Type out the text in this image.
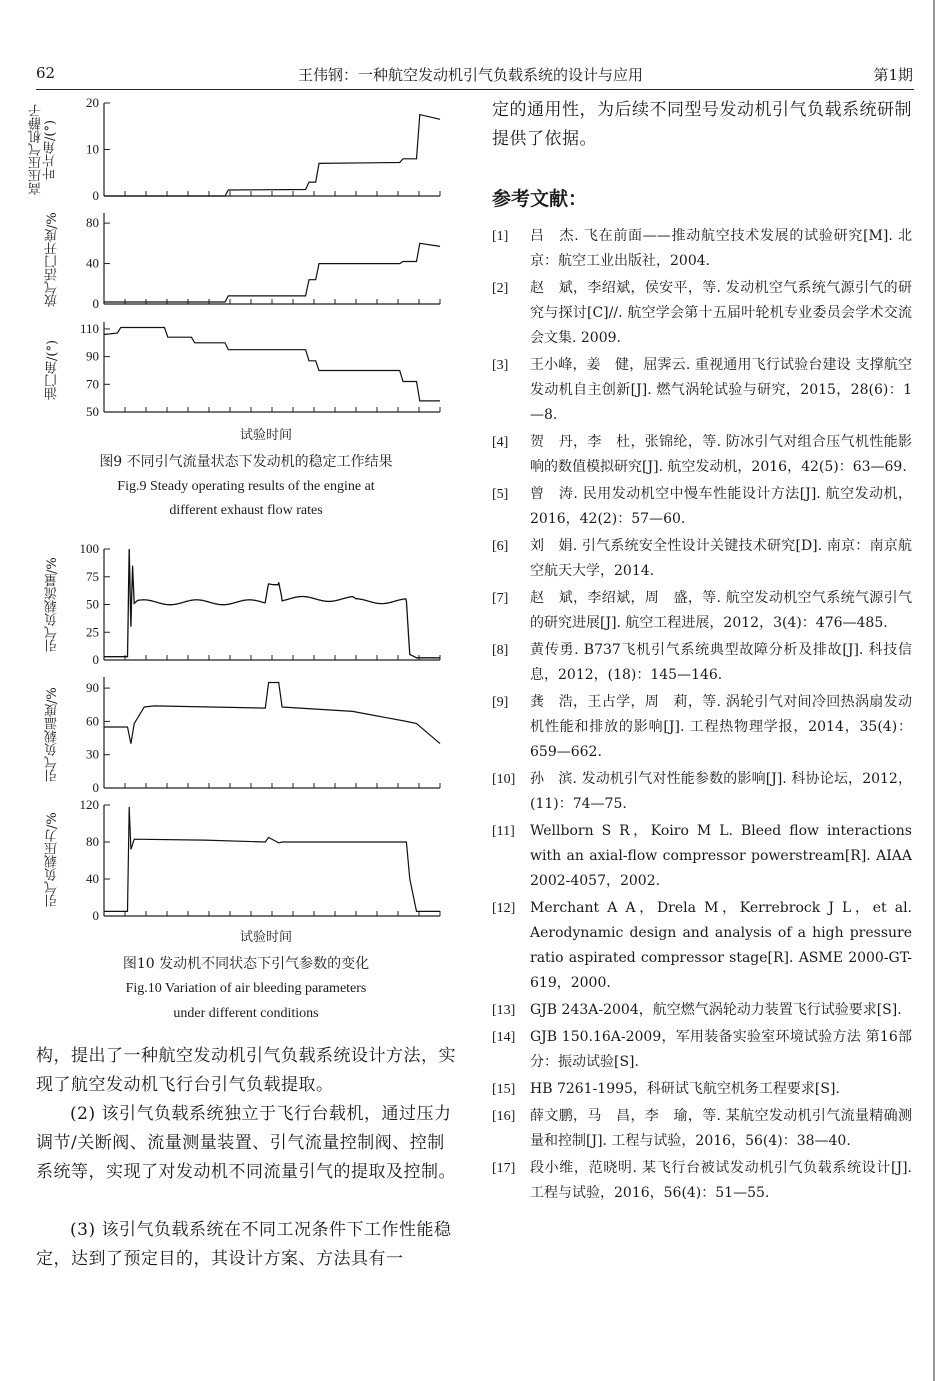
62	王伟钢：一种航空发动机引气负载系统的设计与应用	第1期
高压压气机静子叶片角/(°)
放气活门开度/%
油门角/(°)
20
10
0
80
40
0
110
90
70
50
试验时间
图9 不同引气流量状态下发动机的稳定工作结果
Fig.9 Steady operating results of the engine at
different exhaust flow rates
引气负载流量/%
引气负载温度/%
引气负载压力/%
100
75
50
25
0
90
60
30
0
120
80
40
0
试验时间
图10 发动机不同状态下引气参数的变化
Fig.10 Variation of air bleeding parameters
under different conditions
构，提出了一种航空发动机引气负载系统设计方法，实现了航空发动机飞行台引气负载提取。
(2) 该引气负载系统独立于飞行台载机，通过压力调节/关断阀、流量测量装置、引气流量控制阀、控制系统等，实现了对发动机不同流量引气的提取及控制。
(3) 该引气负载系统在不同工况条件下工作性能稳定，达到了预定目的，其设计方案、方法具有一
定的通用性，为后续不同型号发动机引气负载系统研制提供了依据。
参考文献：
[1] 吕　杰. 飞在前面——推动航空技术发展的试验研究[M]. 北京：航空工业出版社，2004.
[2] 赵　斌，李绍斌，侯安平，等. 发动机空气系统气源引气的研究与探讨[C]//. 航空学会第十五届叶轮机专业委员会学术交流会文集. 2009.
[3] 王小峰，姜　健，屈霁云. 重视通用飞行试验台建设 支撑航空发动机自主创新[J]. 燃气涡轮试验与研究，2015，28(6)：1—8.
[4] 贺　丹，李　杜，张锦纶，等. 防冰引气对组合压气机性能影响的数值模拟研究[J]. 航空发动机，2016，42(5)：63—69.
[5] 曾　涛. 民用发动机空中慢车性能设计方法[J]. 航空发动机，2016，42(2)：57—60.
[6] 刘　娟. 引气系统安全性设计关键技术研究[D]. 南京：南京航空航天大学，2014.
[7] 赵　斌，李绍斌，周　盛，等. 航空发动机空气系统气源引气的研究进展[J]. 航空工程进展，2012，3(4)：476—485.
[8] 黄传勇. B737飞机引气系统典型故障分析及排故[J]. 科技信息，2012，(18)：145—146.
[9] 龚　浩，王占学，周　莉，等. 涡轮引气对间冷回热涡扇发动机性能和排放的影响[J]. 工程热物理学报，2014，35(4)：659—662.
[10] 孙　滨. 发动机引气对性能参数的影响[J]. 科协论坛，2012，(11)：74—75.
[11] Wellborn S R，Koiro M L. Bleed flow interactions with an axial-flow compressor powerstream[R]. AIAA 2002-4057，2002.
[12] Merchant A A，Drela M，Kerrebrock J L，et al. Aerodynamic design and analysis of a high pressure ratio aspirated compressor stage[R]. ASME 2000-GT-619，2000.
[13] GJB 243A-2004，航空燃气涡轮动力装置飞行试验要求[S].
[14] GJB 150.16A-2009，军用装备实验室环境试验方法 第16部分：振动试验[S].
[15] HB 7261-1995，科研试飞航空机务工程要求[S].
[16] 薛文鹏，马　昌，李　瑜，等. 某航空发动机引气流量精确测量和控制[J]. 工程与试验，2016，56(4)：38—40.
[17] 段小维，范晓明. 某飞行台被试发动机引气负载系统设计[J]. 工程与试验，2016，56(4)：51—55.
